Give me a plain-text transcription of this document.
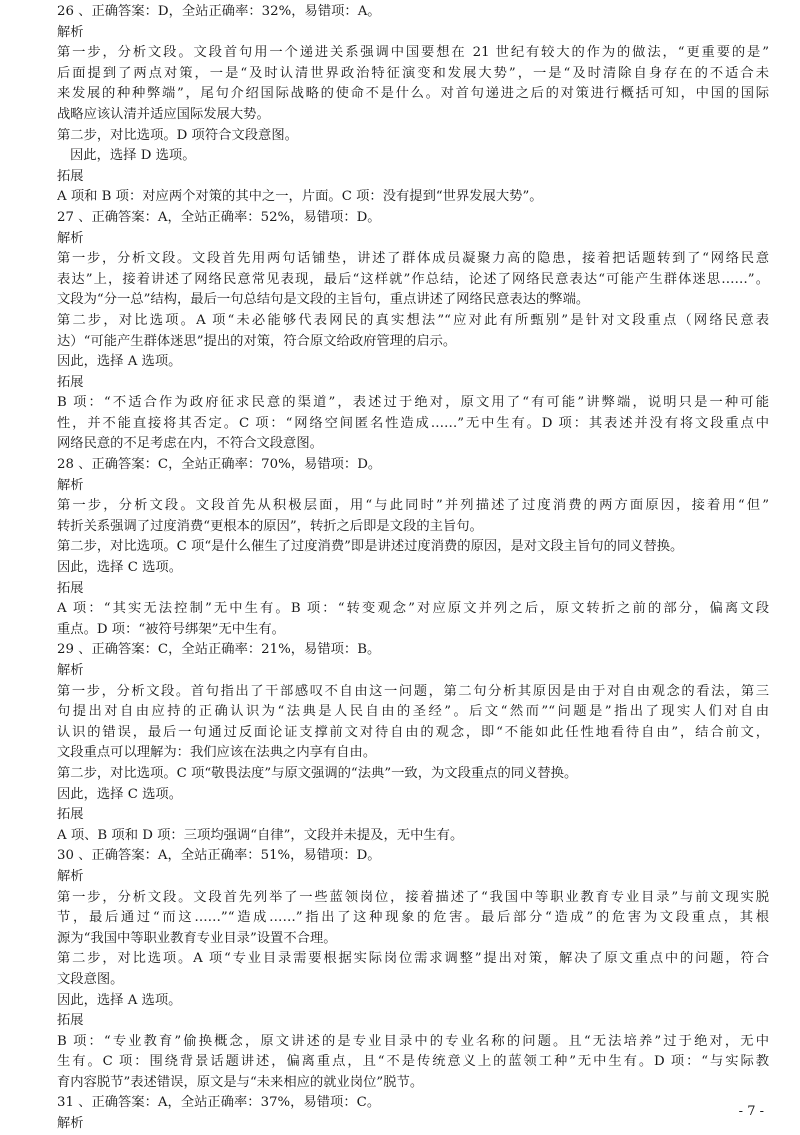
26 、正确答案：D，全站正确率：32%，易错项：A。
解析
第一步，分析文段。文段首句用一个递进关系强调中国要想在 21 世纪有较大的作为的做法，“更重要的是”
后面提到了两点对策，一是“及时认清世界政治特征演变和发展大势”，一是“及时清除自身存在的不适合未
来发展的种种弊端”，尾句介绍国际战略的使命不是什么。对首句递进之后的对策进行概括可知，中国的国际
战略应该认清并适应国际发展大势。
第二步，对比选项。D 项符合文段意图。
因此，选择 D 选项。
拓展
A 项和 B 项：对应两个对策的其中之一，片面。C 项：没有提到“世界发展大势”。
27 、正确答案：A，全站正确率：52%，易错项：D。
解析
第一步，分析文段。文段首先用两句话铺垫，讲述了群体成员凝聚力高的隐患，接着把话题转到了“网络民意
表达”上，接着讲述了网络民意常见表现，最后“这样就”作总结，论述了网络民意表达“可能产生群体迷思……”。
文段为“分一总”结构，最后一句总结句是文段的主旨句，重点讲述了网络民意表达的弊端。
第二步，对比选项。A 项“未必能够代表网民的真实想法”“应对此有所甄别”是针对文段重点（网络民意表
达）“可能产生群体迷思”提出的对策，符合原文给政府管理的启示。
因此，选择 A 选项。
拓展
B 项：“不适合作为政府征求民意的渠道”，表述过于绝对，原文用了“有可能”讲弊端，说明只是一种可能
性，并不能直接将其否定。C 项：“网络空间匿名性造成……”无中生有。D 项：其表述并没有将文段重点中
网络民意的不足考虑在内，不符合文段意图。
28 、正确答案：C，全站正确率：70%，易错项：D。
解析
第一步，分析文段。文段首先从积极层面，用“与此同时”并列描述了过度消费的两方面原因，接着用“但”
转折关系强调了过度消费“更根本的原因”，转折之后即是文段的主旨句。
第二步，对比选项。C 项“是什么催生了过度消费”即是讲述过度消费的原因，是对文段主旨句的同义替换。
因此，选择 C 选项。
拓展
A 项：“其实无法控制”无中生有。B 项：“转变观念”对应原文并列之后，原文转折之前的部分，偏离文段
重点。D 项：“被符号绑架”无中生有。
29 、正确答案：C，全站正确率：21%，易错项：B。
解析
第一步，分析文段。首句指出了干部感叹不自由这一问题，第二句分析其原因是由于对自由观念的看法，第三
句提出对自由应持的正确认识为“法典是人民自由的圣经”。后文“然而”“问题是”指出了现实人们对自由
认识的错误，最后一句通过反面论证支撑前文对待自由的观念，即“不能如此任性地看待自由”，结合前文，
文段重点可以理解为：我们应该在法典之内享有自由。
第二步，对比选项。C 项“敬畏法度”与原文强调的“法典”一致，为文段重点的同义替换。
因此，选择 C 选项。
拓展
A 项、B 项和 D 项：三项均强调“自律”，文段并未提及，无中生有。
30 、正确答案：A，全站正确率：51%，易错项：D。
解析
第一步，分析文段。文段首先列举了一些蓝领岗位，接着描述了“我国中等职业教育专业目录”与前文现实脱
节，最后通过“而这……”“造成……”指出了这种现象的危害。最后部分“造成”的危害为文段重点，其根
源为“我国中等职业教育专业目录”设置不合理。
第二步，对比选项。A 项“专业目录需要根据实际岗位需求调整”提出对策，解决了原文重点中的问题，符合
文段意图。
因此，选择 A 选项。
拓展
B 项：“专业教育”偷换概念，原文讲述的是专业目录中的专业名称的问题。且“无法培养”过于绝对，无中
生有。C 项：围绕背景话题讲述，偏离重点，且“不是传统意义上的蓝领工种”无中生有。D 项：“与实际教
育内容脱节”表述错误，原文是与“未来相应的就业岗位”脱节。
31 、正确答案：A，全站正确率：37%，易错项：C。
解析
- 7 -
